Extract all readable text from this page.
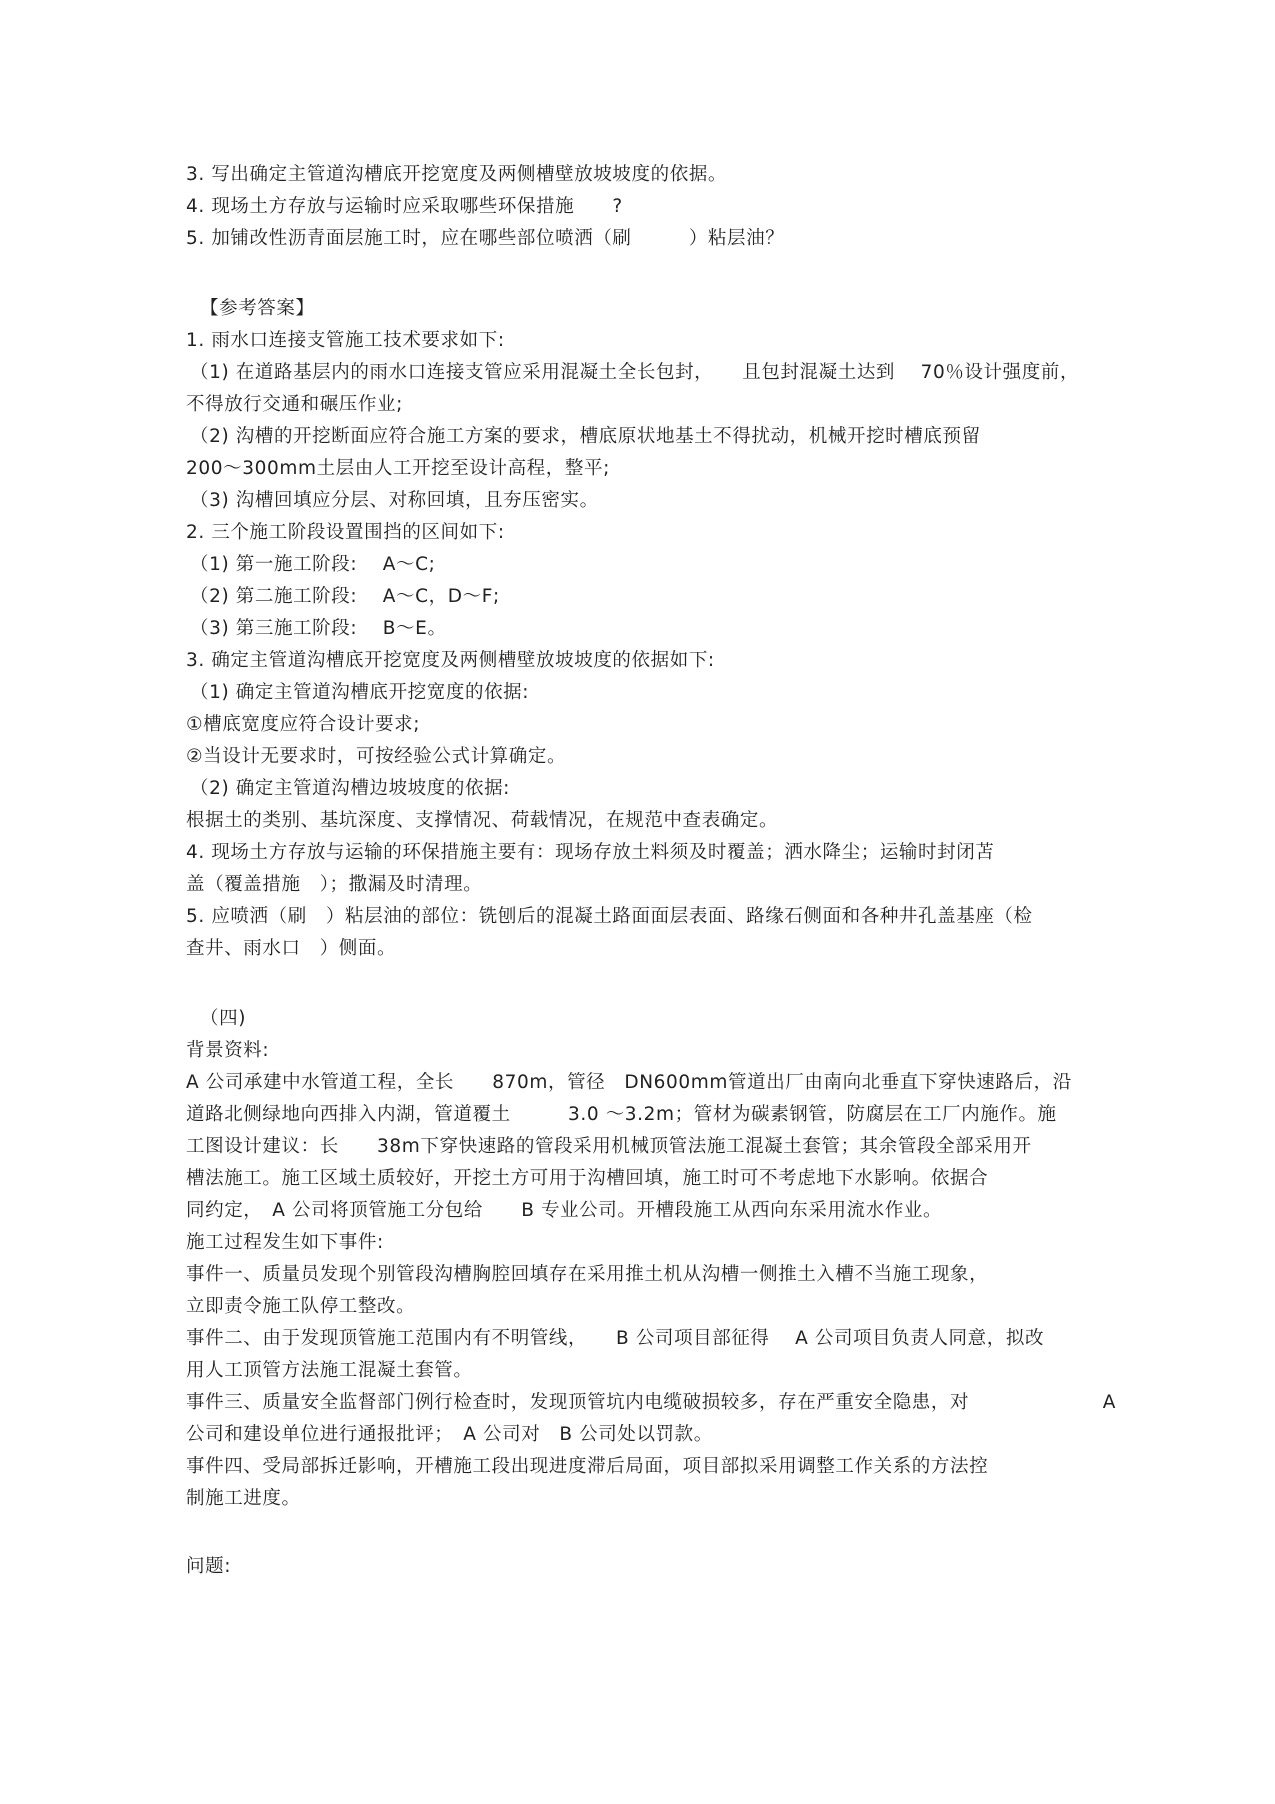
3. 写出确定主管道沟槽底开挖宽度及两侧槽壁放坡坡度的依据。
4. 现场土方存放与运输时应采取哪些环保措施　　?
5. 加铺改性沥青面层施工时，应在哪些部位喷洒（刷　　　）粘层油？
【参考答案】
1. 雨水口连接支管施工技术要求如下:
（1) 在道路基层内的雨水口连接支管应采用混凝土全长包封，　　且包封混凝土达到　 70％设计强度前，
不得放行交通和碾压作业;
（2) 沟槽的开挖断面应符合施工方案的要求，槽底原状地基土不得扰动，机械开挖时槽底预留
200～300mm土层由人工开挖至设计高程，整平;
（3) 沟槽回填应分层、对称回填，且夯压密实。
2. 三个施工阶段设置围挡的区间如下:
（1) 第一施工阶段:　 A～C;
（2) 第二施工阶段:　 A～C，D～F;
（3) 第三施工阶段:　 B～E。
3. 确定主管道沟槽底开挖宽度及两侧槽壁放坡坡度的依据如下:
（1) 确定主管道沟槽底开挖宽度的依据:
①槽底宽度应符合设计要求;
②当设计无要求时，可按经验公式计算确定。
（2) 确定主管道沟槽边坡坡度的依据:
根据土的类别、基坑深度、支撑情况、荷载情况，在规范中查表确定。
4. 现场土方存放与运输的环保措施主要有：现场存放土料须及时覆盖；洒水降尘；运输时封闭苫
盖（覆盖措施　）；撒漏及时清理。
5. 应喷洒（刷　）粘层油的部位：铣刨后的混凝土路面面层表面、路缘石侧面和各种井孔盖基座（检
查井、雨水口　）侧面。
（四)
背景资料:
A 公司承建中水管道工程，全长　　870m，管径　DN600mm管道出厂由南向北垂直下穿快速路后，沿
道路北侧绿地向西排入内湖，管道覆土　　　3.0 ～3.2m；管材为碳素钢管，防腐层在工厂内施作。施
工图设计建议：长　　38m下穿快速路的管段采用机械顶管法施工混凝土套管；其余管段全部采用开
槽法施工。施工区域土质较好，开挖土方可用于沟槽回填，施工时可不考虑地下水影响。依据合
同约定，　A 公司将顶管施工分包给　　B 专业公司。开槽段施工从西向东采用流水作业。
施工过程发生如下事件:
事件一、质量员发现个别管段沟槽胸腔回填存在采用推土机从沟槽一侧推土入槽不当施工现象，
立即责令施工队停工整改。
事件二、由于发现顶管施工范围内有不明管线，　　B 公司项目部征得　 A 公司项目负责人同意，拟改
用人工顶管方法施工混凝土套管。
事件三、质量安全监督部门例行检查时，发现顶管坑内电缆破损较多，存在严重安全隐患，对　　　　　　　A
公司和建设单位进行通报批评；　A 公司对　B 公司处以罚款。
事件四、受局部拆迁影响，开槽施工段出现进度滞后局面，项目部拟采用调整工作关系的方法控
制施工进度。
问题:
